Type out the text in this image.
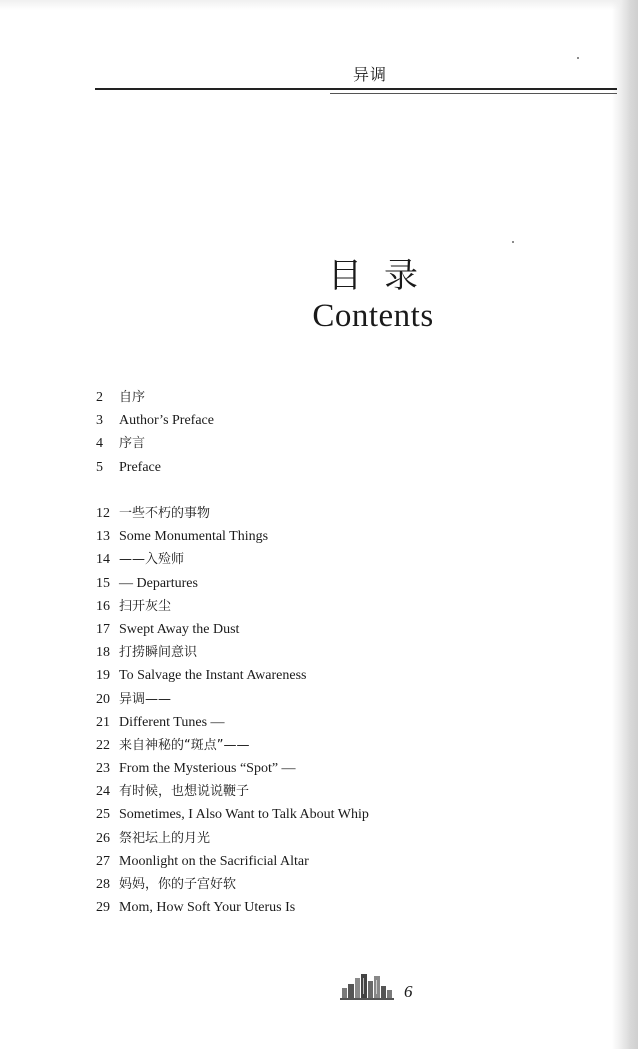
异调
目录
Contents
2 自序
3 Author’s Preface
4 序言
5 Preface
12 一些不朽的事物
13 Some Monumental Things
14 ——入殓师
15 — Departures
16 扫开灰尘
17 Swept Away the Dust
18 打捞瞬间意识
19 To Salvage the Instant Awareness
20 异调——
21 Different Tunes —
22 来自神秘的“斑点”——
23 From the Mysterious “Spot” —
24 有时候，也想说说鞭子
25 Sometimes, I Also Want to Talk About Whip
26 祭祀坛上的月光
27 Moonlight on the Sacrificial Altar
28 妈妈，你的子宫好软
29 Mom, How Soft Your Uterus Is
6
